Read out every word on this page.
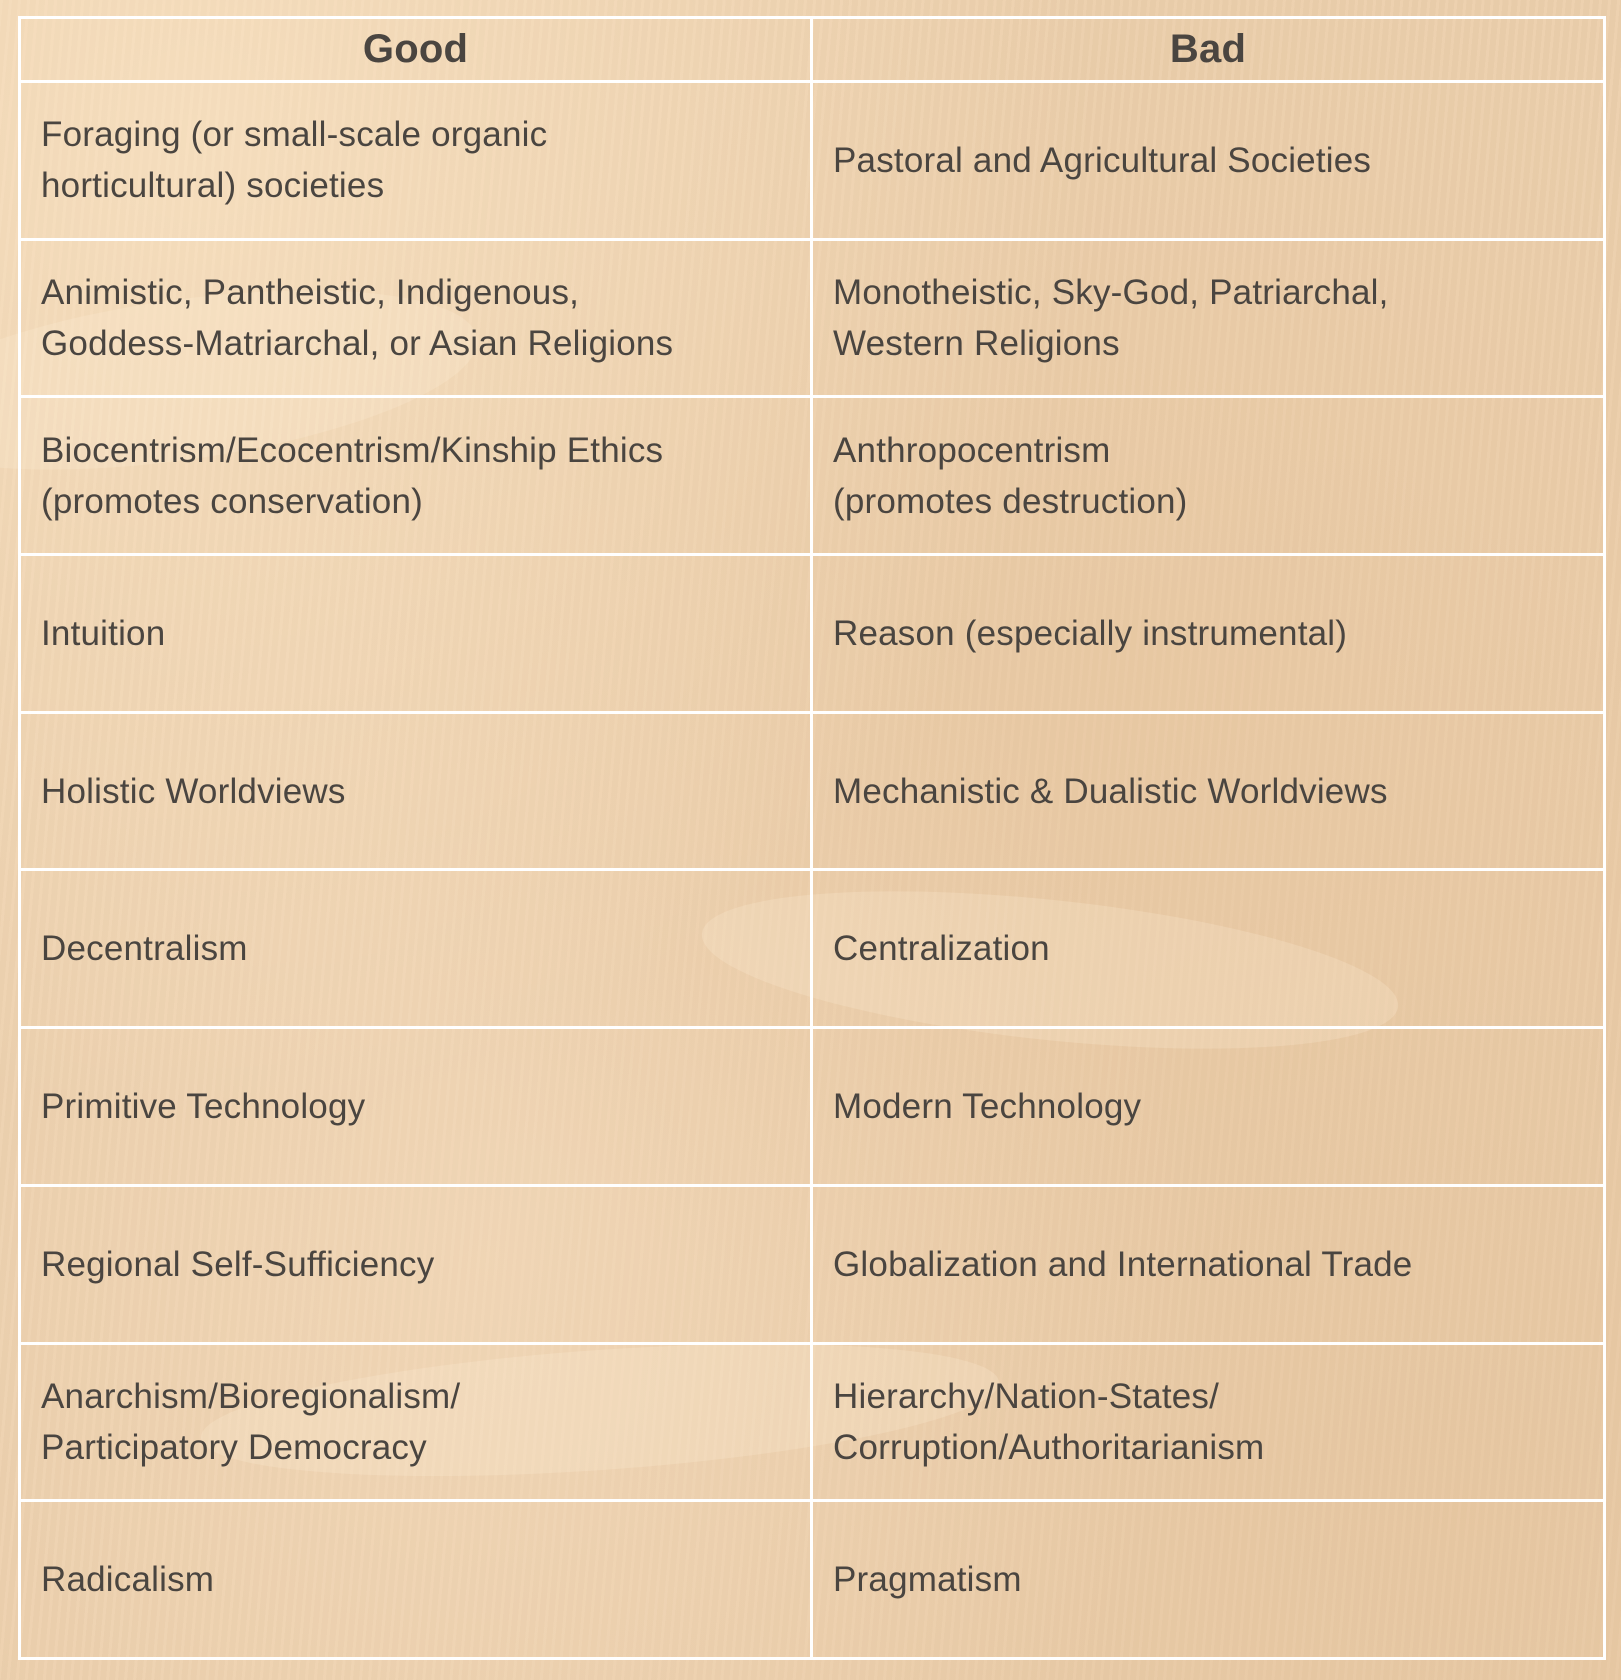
Good	Bad

Foraging (or small-scale organic
horticultural) societies	Pastoral and Agricultural Societies

Animistic, Pantheistic, Indigenous,
Goddess-Matriarchal, or Asian Religions	Monotheistic, Sky-God, Patriarchal,
Western Religions

Biocentrism/Ecocentrism/Kinship Ethics
(promotes conservation)	Anthropocentrism
(promotes destruction)

Intuition	Reason (especially instrumental)

Holistic Worldviews	Mechanistic & Dualistic Worldviews

Decentralism	Centralization

Primitive Technology	Modern Technology

Regional Self-Sufficiency	Globalization and International Trade

Anarchism/Bioregionalism/
Participatory Democracy	Hierarchy/Nation-States/
Corruption/Authoritarianism

Radicalism	Pragmatism
